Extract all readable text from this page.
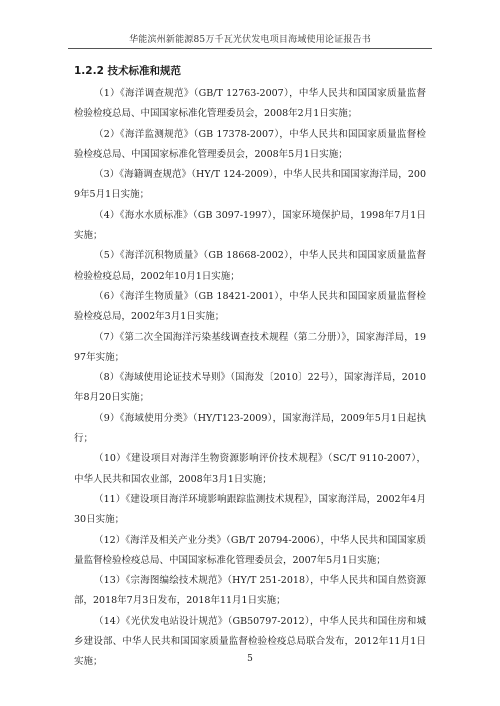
华能滨州新能源85万千瓦光伏发电项目海域使用论证报告书
1.2.2 技术标准和规范

（1）《海洋调查规范》（GB/T 12763-2007），中华人民共和国国家质量监督检验检疫总局、中国国家标准化管理委员会，2008年2月1日实施；

（2）《海洋监测规范》（GB 17378-2007），中华人民共和国国家质量监督检验检疫总局、中国国家标准化管理委员会，2008年5月1日实施；

（3）《海籍调查规范》（HY/T 124-2009），中华人民共和国国家海洋局，2009年5月1日实施；

（4）《海水水质标准》（GB 3097-1997），国家环境保护局，1998年7月1日实施；

（5）《海洋沉积物质量》（GB 18668-2002），中华人民共和国国家质量监督检验检疫总局，2002年10月1日实施；

（6）《海洋生物质量》（GB 18421-2001），中华人民共和国国家质量监督检验检疫总局，2002年3月1日实施；

（7）《第二次全国海洋污染基线调查技术规程（第二分册）》，国家海洋局，1997年实施；

（8）《海域使用论证技术导则》（国海发〔2010〕22号），国家海洋局，2010年8月20日实施；

（9）《海域使用分类》（HY/T123-2009），国家海洋局，2009年5月1日起执行；

（10）《建设项目对海洋生物资源影响评价技术规程》（SC/T 9110-2007），中华人民共和国农业部，2008年3月1日实施；

（11）《建设项目海洋环境影响跟踪监测技术规程》，国家海洋局，2002年4月30日实施；

（12）《海洋及相关产业分类》（GB/T 20794-2006），中华人民共和国国家质量监督检验检疫总局、中国国家标准化管理委员会，2007年5月1日实施；

（13）《宗海图编绘技术规范》（HY/T 251-2018），中华人民共和国自然资源部，2018年7月3日发布，2018年11月1日实施；

（14）《光伏发电站设计规范》（GB50797-2012），中华人民共和国住房和城乡建设部、中华人民共和国国家质量监督检验检疫总局联合发布，2012年11月1日实施；	5
